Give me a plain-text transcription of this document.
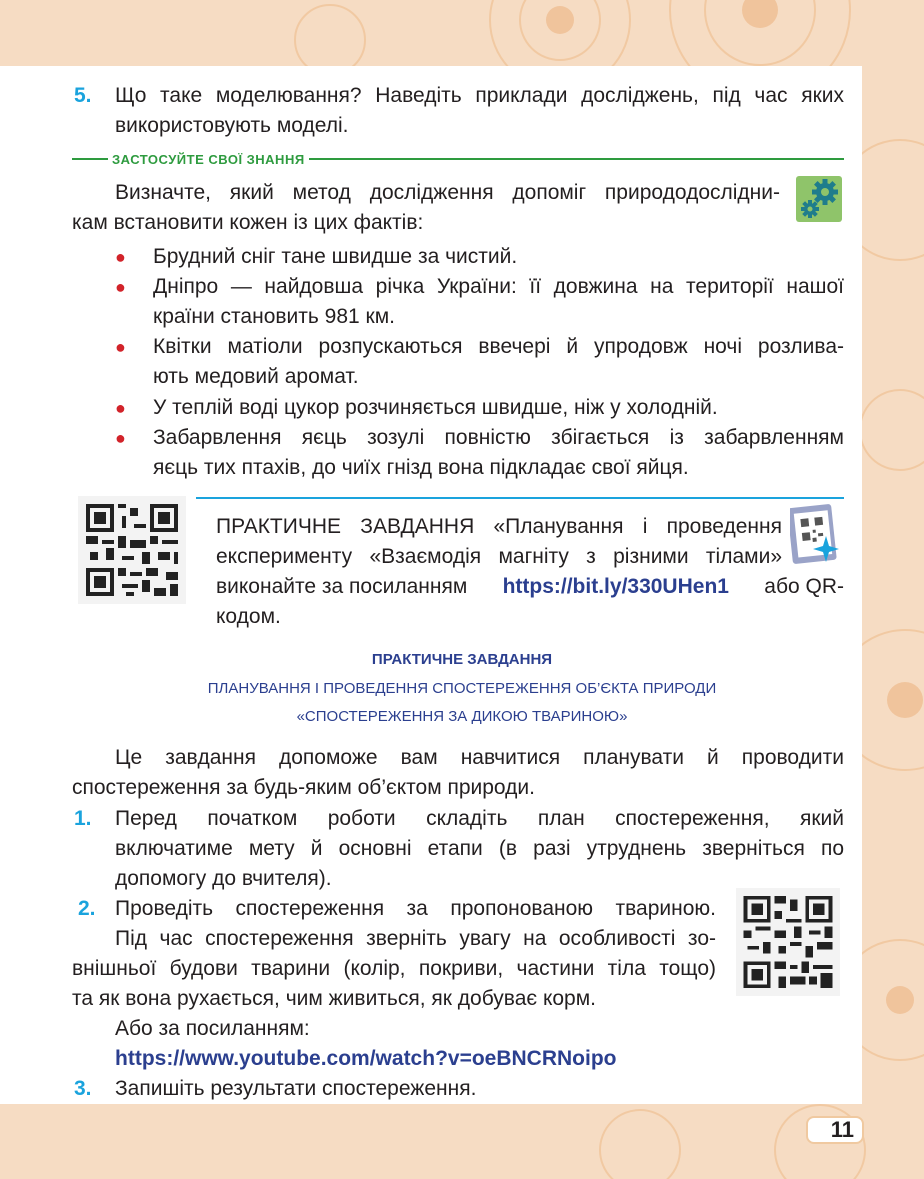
5. Що таке моделювання? Наведіть приклади досліджень, під час яких
використовують моделі.
ЗАСТОСУЙТЕ СВОЇ ЗНАННЯ
Визначте, який метод дослідження допоміг природодослідни-
кам встановити кожен із цих фактів:
● Брудний сніг тане швидше за чистий.
● Дніпро — найдовша річка України: її довжина на території нашої
країни становить 981 км.
● Квітки матіоли розпускаються ввечері й упродовж ночі розлива-
ють медовий аромат.
● У теплій воді цукор розчиняється швидше, ніж у холодній.
● Забарвлення яєць зозулі повністю збігається із забарвленням
яєць тих птахів, до чиїх гнізд вона підкладає свої яйця.
ПРАКТИЧНЕ ЗАВДАННЯ «Планування і проведення
експерименту «Взаємодія магніту з різними тілами»
виконайте за посиланням https://bit.ly/330UHen1 або QR-
кодом.
ПРАКТИЧНЕ ЗАВДАННЯ
ПЛАНУВАННЯ І ПРОВЕДЕННЯ СПОСТЕРЕЖЕННЯ ОБ’ЄКТА ПРИРОДИ
«СПОСТЕРЕЖЕННЯ ЗА ДИКОЮ ТВАРИНОЮ»
Це завдання допоможе вам навчитися планувати й проводити
спостереження за будь-яким об’єктом природи.
1. Перед початком роботи складіть план спостереження, який
включатиме мету й основні етапи (в разі утруднень зверніться по
допомогу до вчителя).
2. Проведіть спостереження за пропонованою твариною.
Під час спостереження зверніть увагу на особливості зо-
внішньої будови тварини (колір, покриви, частини тіла тощо)
та як вона рухається, чим живиться, як добуває корм.
Або за посиланням:
https://www.youtube.com/watch?v=oeBNCRNoipo
3. Запишіть результати спостереження.
11
